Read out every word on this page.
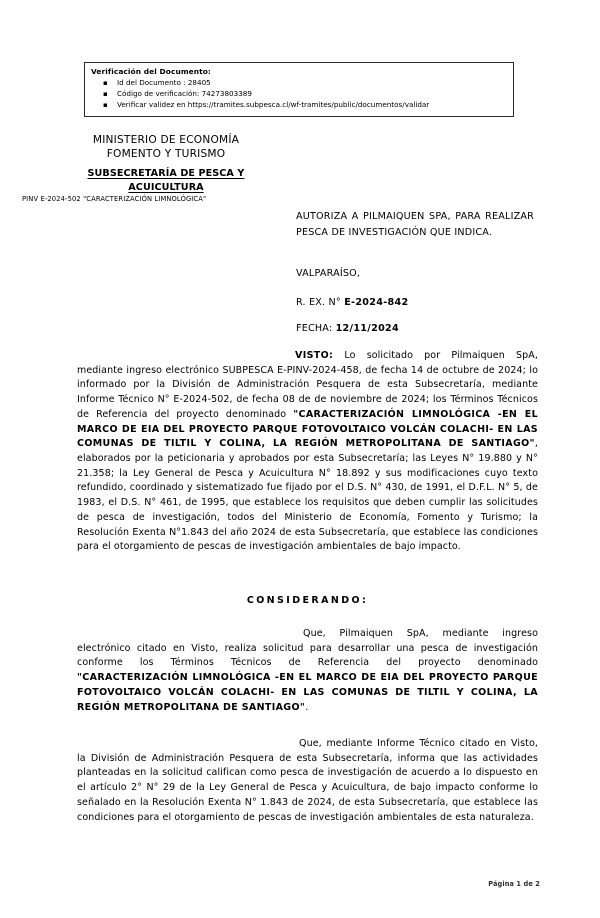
Verificación del Documento:
▪ Id del Documento : 28405
▪ Código de verificación: 74273803389
▪ Verificar validez en https://tramites.subpesca.cl/wf-tramites/public/documentos/validar
MINISTERIO DE ECONOMÍA
FOMENTO Y TURISMO
SUBSECRETARÍA DE PESCA Y
ACUICULTURA
PINV E-2024-502 "CARACTERIZACIÓN LIMNOLÓGICA"
AUTORIZA A PILMAIQUEN SPA, PARA REALIZAR PESCA DE INVESTIGACIÓN QUE INDICA.
VALPARAÍSO,
R. EX. N° E-2024-842
FECHA: 12/11/2024

VISTO: Lo solicitado por Pilmaiquen SpA, mediante ingreso electrónico SUBPESCA E-PINV-2024-458, de fecha 14 de octubre de 2024; lo informado por la División de Administración Pesquera de esta Subsecretaría, mediante Informe Técnico N° E-2024-502, de fecha 08 de de noviembre de 2024; los Términos Técnicos de Referencia del proyecto denominado "CARACTERIZACIÓN LIMNOLÓGICA -EN EL MARCO DE EIA DEL PROYECTO PARQUE FOTOVOLTAICO VOLCÁN COLACHI- EN LAS COMUNAS DE TILTIL Y COLINA, LA REGIÓN METROPOLITANA DE SANTIAGO", elaborados por la peticionaria y aprobados por esta Subsecretaría; las Leyes N° 19.880 y N° 21.358; la Ley General de Pesca y Acuicultura N° 18.892 y sus modificaciones cuyo texto refundido, coordinado y sistematizado fue fijado por el D.S. N° 430, de 1991, el D.F.L. N° 5, de 1983, el D.S. N° 461, de 1995, que establece los requisitos que deben cumplir las solicitudes de pesca de investigación, todos del Ministerio de Economía, Fomento y Turismo; la Resolución Exenta N°1.843 del año 2024 de esta Subsecretaría, que establece las condiciones para el otorgamiento de pescas de investigación ambientales de bajo impacto.

CONSIDERANDO:

Que, Pilmaiquen SpA, mediante ingreso electrónico citado en Visto, realiza solicitud para desarrollar una pesca de investigación conforme los Términos Técnicos de Referencia del proyecto denominado "CARACTERIZACIÓN LIMNOLÓGICA -EN EL MARCO DE EIA DEL PROYECTO PARQUE FOTOVOLTAICO VOLCÁN COLACHI- EN LAS COMUNAS DE TILTIL Y COLINA, LA REGIÓN METROPOLITANA DE SANTIAGO".

Que, mediante Informe Técnico citado en Visto, la División de Administración Pesquera de esta Subsecretaría, informa que las actividades planteadas en la solicitud califican como pesca de investigación de acuerdo a lo dispuesto en el artículo 2° N° 29 de la Ley General de Pesca y Acuicultura, de bajo impacto conforme lo señalado en la Resolución Exenta N° 1.843 de 2024, de esta Subsecretaría, que establece las condiciones para el otorgamiento de pescas de investigación ambientales de esta naturaleza.

Página 1 de 2
